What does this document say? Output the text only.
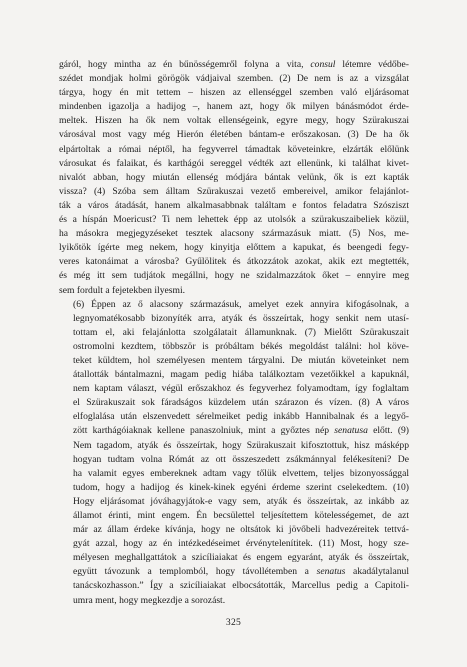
gáról, hogy mintha az én bűnösségemről folyna a vita, consul létemre védőbe-
szédet mondjak holmi görögök vádjaival szemben. (2) De nem is az a vizsgálat
tárgya, hogy én mit tettem – hiszen az ellenséggel szemben való eljárásomat
mindenben igazolja a hadijog –, hanem azt, hogy ők milyen bánásmódot érde-
meltek. Hiszen ha ők nem voltak ellenségeink, egyre megy, hogy Szürakuszai
városával most vagy még Hierón életében bántam-e erőszakosan. (3) De ha ők
elpártoltak a római néptől, ha fegyverrel támadtak követeinkre, elzárták előlünk
városukat és falaikat, és karthágói sereggel védték azt ellenünk, ki találhat kivet-
nivalót abban, hogy miután ellenség módjára bántak velünk, ők is ezt kapták
vissza? (4) Szóba sem álltam Szürakuszai vezető embereivel, amikor felajánlot-
ták a város átadását, hanem alkalmasabbnak találtam e fontos feladatra Szósziszt
és a híspán Moericust? Ti nem lehettek épp az utolsók a szürakuszaibeliek közül,
ha másokra megjegyzéseket tesztek alacsony származásuk miatt. (5) Nos, me-
lyikőtök ígérte meg nekem, hogy kinyitja előttem a kapukat, és beengedi fegy-
veres katonáimat a városba? Gyűlölitek és átkozzátok azokat, akik ezt megtették,
és még itt sem tudjátok megállni, hogy ne szidalmazzátok őket – ennyire meg
sem fordult a fejetekben ilyesmi.

(6) Éppen az ő alacsony származásuk, amelyet ezek annyira kifogásolnak, a
legnyomatékosabb bizonyíték arra, atyák és összeírtak, hogy senkit nem utasí-
tottam el, aki felajánlotta szolgálatait államunknak. (7) Mielőtt Szürakuszait
ostromolni kezdtem, többször is próbáltam békés megoldást találni: hol köve-
teket küldtem, hol személyesen mentem tárgyalni. De miután követeinket nem
átallották bántalmazni, magam pedig hiába találkoztam vezetőikkel a kapuknál,
nem kaptam választ, végül erőszakhoz és fegyverhez folyamodtam, így foglaltam
el Szürakuszait sok fáradságos küzdelem után szárazon és vízen. (8) A város
elfoglalása után elszenvedett sérelmeiket pedig inkább Hannibalnak és a legyő-
zött karthágóiaknak kellene panaszolniuk, mint a győztes nép senatusa előtt. (9)
Nem tagadom, atyák és összeírtak, hogy Szürakuszait kifosztottuk, hisz másképp
hogyan tudtam volna Rómát az ott összeszedett zsákmánnyal felékesíteni? De
ha valamit egyes embereknek adtam vagy tőlük elvettem, teljes bizonyossággal
tudom, hogy a hadijog és kinek-kinek egyéni érdeme szerint cselekedtem. (10)
Hogy eljárásomat jóváhagyjátok-e vagy sem, atyák és összeírtak, az inkább az
államot érinti, mint engem. Én becsülettel teljesítettem kötelességemet, de azt
már az állam érdeke kívánja, hogy ne oltsátok ki jövőbeli hadvezéreitek tettvá-
gyát azzal, hogy az én intézkedéseimet érvénytelenítitek. (11) Most, hogy sze-
mélyesen meghallgattátok a szicíliaiakat és engem egyaránt, atyák és összeírtak,
együtt távozunk a templomból, hogy távollétemben a senatus akadálytalanul
tanácskozhasson.” Így a szicíliaiakat elbocsátották, Marcellus pedig a Capitoli-
umra ment, hogy megkezdje a sorozást.

325
